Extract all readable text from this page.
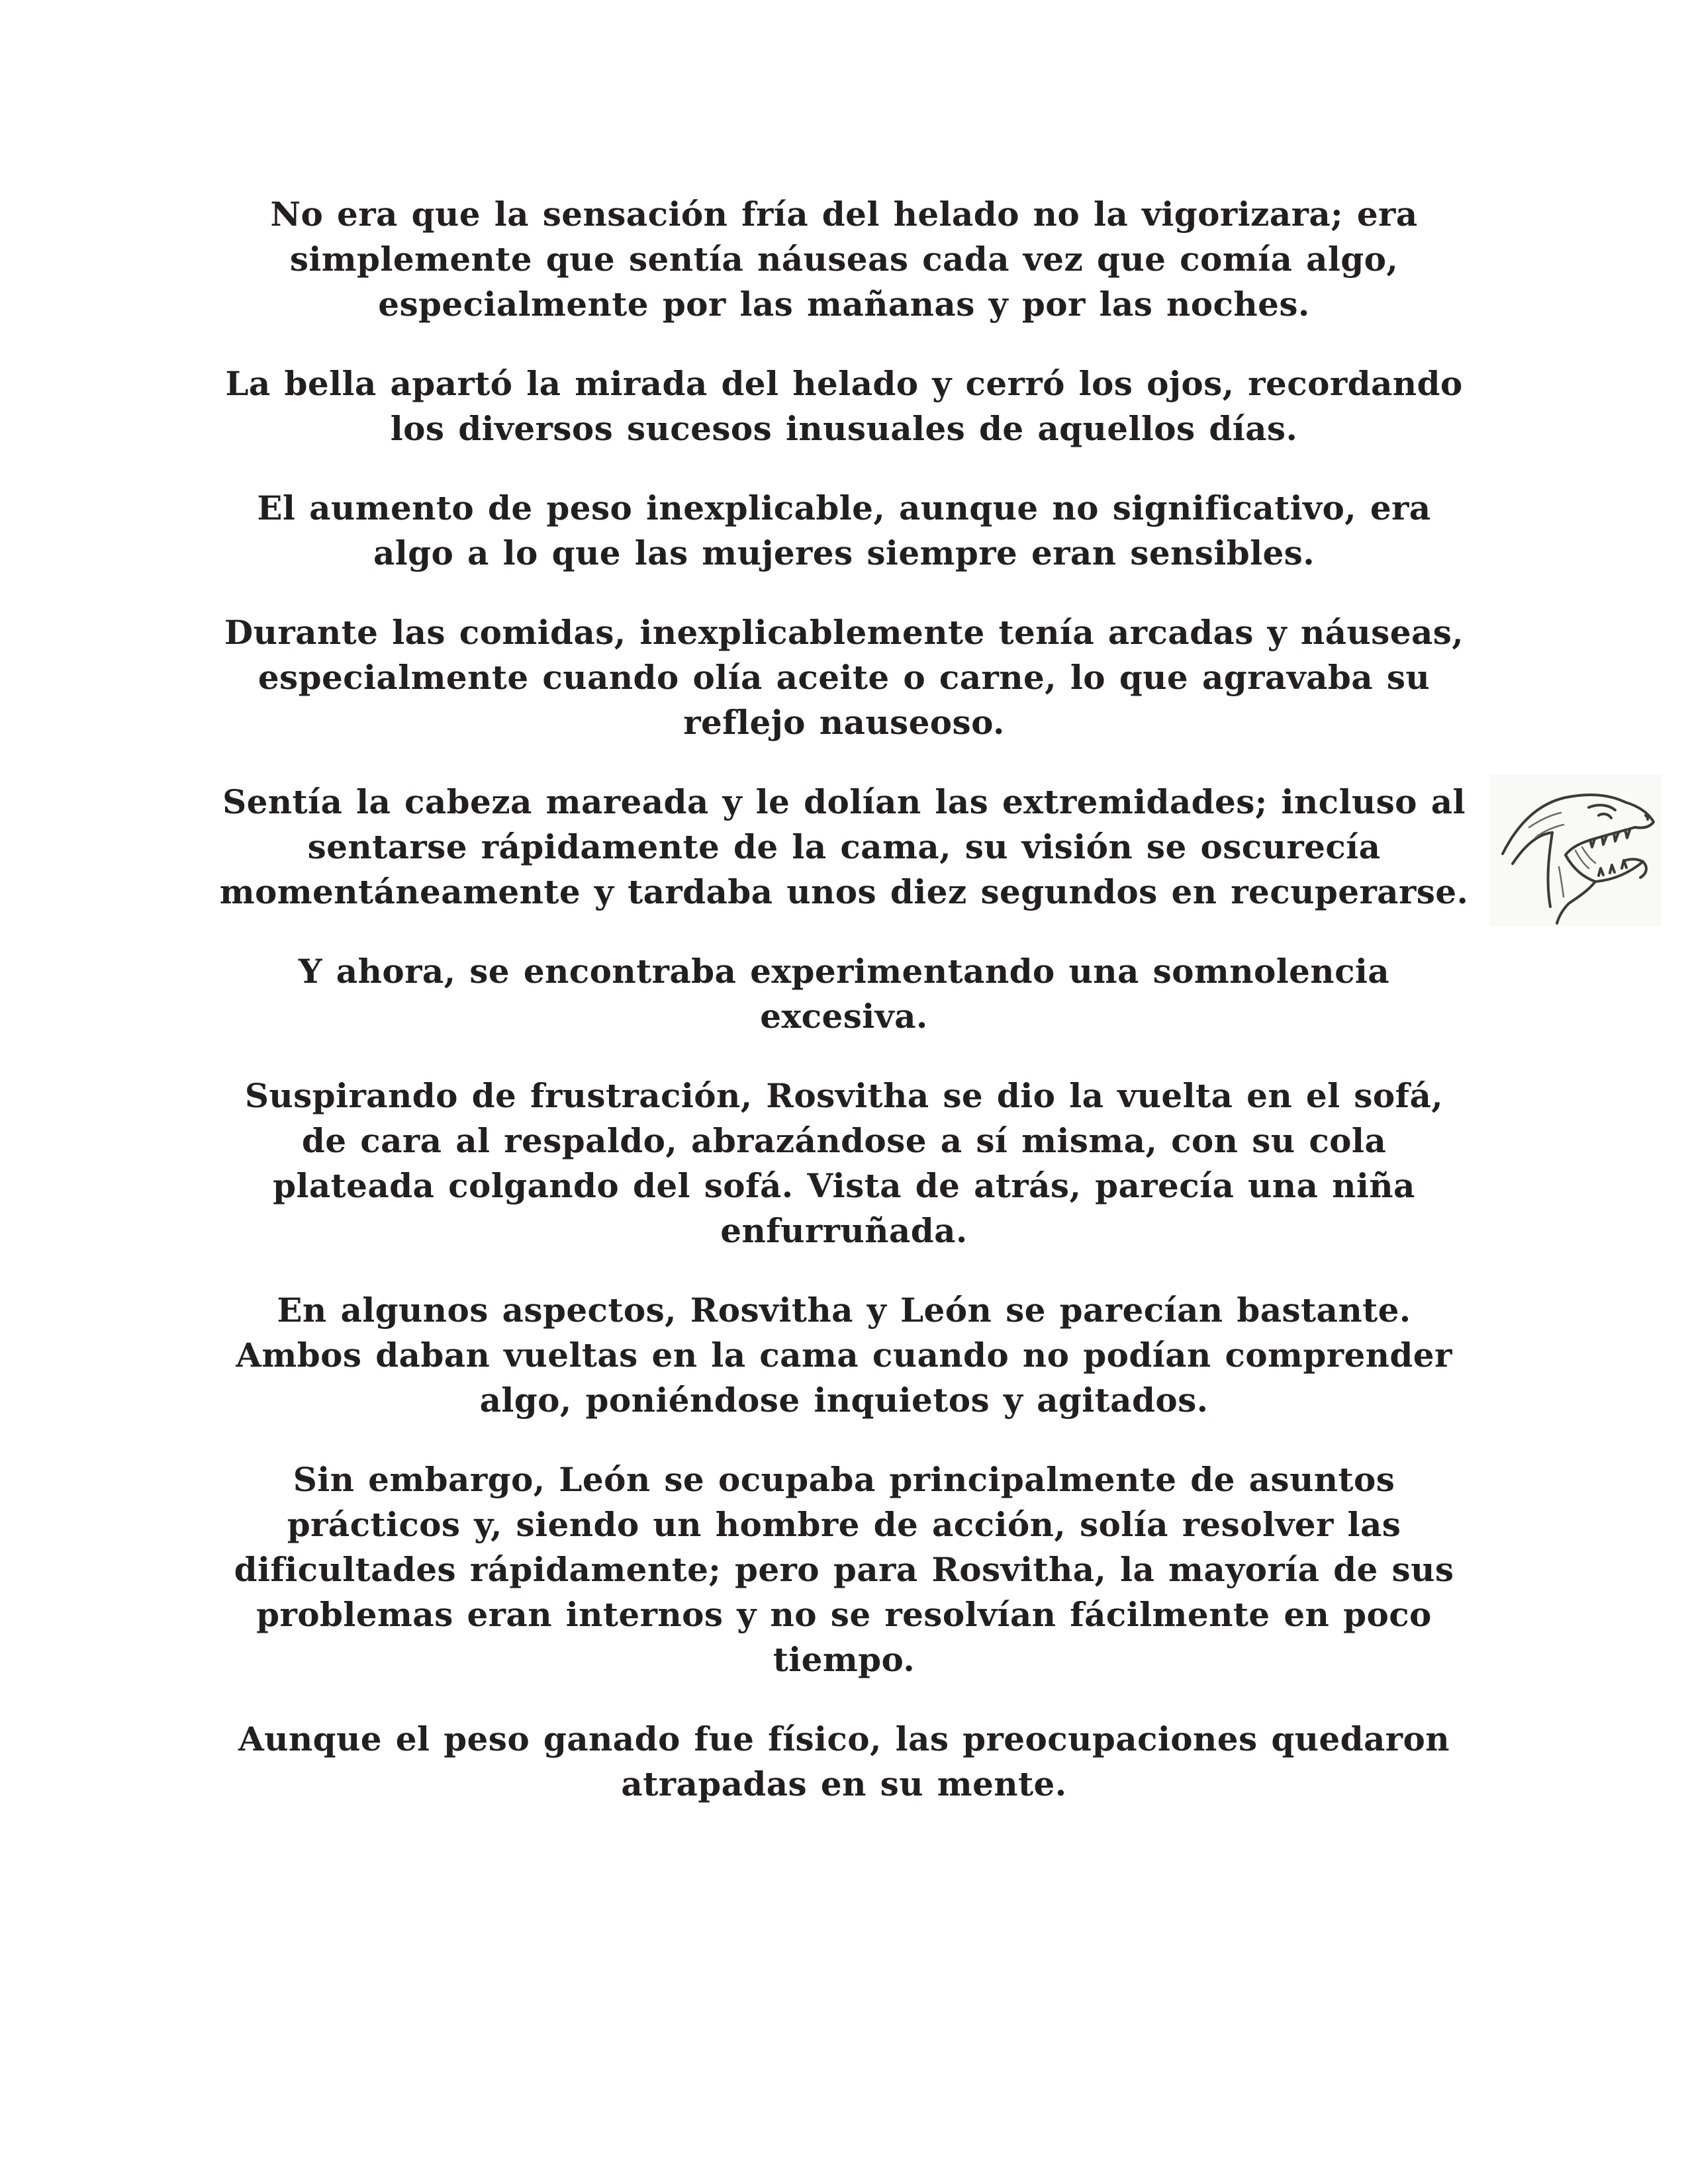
No era que la sensación fría del helado no la vigorizara; era simplemente que sentía náuseas cada vez que comía algo, especialmente por las mañanas y por las noches.

La bella apartó la mirada del helado y cerró los ojos, recordando los diversos sucesos inusuales de aquellos días.

El aumento de peso inexplicable, aunque no significativo, era algo a lo que las mujeres siempre eran sensibles.

Durante las comidas, inexplicablemente tenía arcadas y náuseas, especialmente cuando olía aceite o carne, lo que agravaba su reflejo nauseoso.

Sentía la cabeza mareada y le dolían las extremidades; incluso al sentarse rápidamente de la cama, su visión se oscurecía momentáneamente y tardaba unos diez segundos en recuperarse.

Y ahora, se encontraba experimentando una somnolencia excesiva.

Suspirando de frustración, Rosvitha se dio la vuelta en el sofá, de cara al respaldo, abrazándose a sí misma, con su cola plateada colgando del sofá. Vista de atrás, parecía una niña enfurruñada.

En algunos aspectos, Rosvitha y León se parecían bastante. Ambos daban vueltas en la cama cuando no podían comprender algo, poniéndose inquietos y agitados.

Sin embargo, León se ocupaba principalmente de asuntos prácticos y, siendo un hombre de acción, solía resolver las dificultades rápidamente; pero para Rosvitha, la mayoría de sus problemas eran internos y no se resolvían fácilmente en poco tiempo.

Aunque el peso ganado fue físico, las preocupaciones quedaron atrapadas en su mente.
